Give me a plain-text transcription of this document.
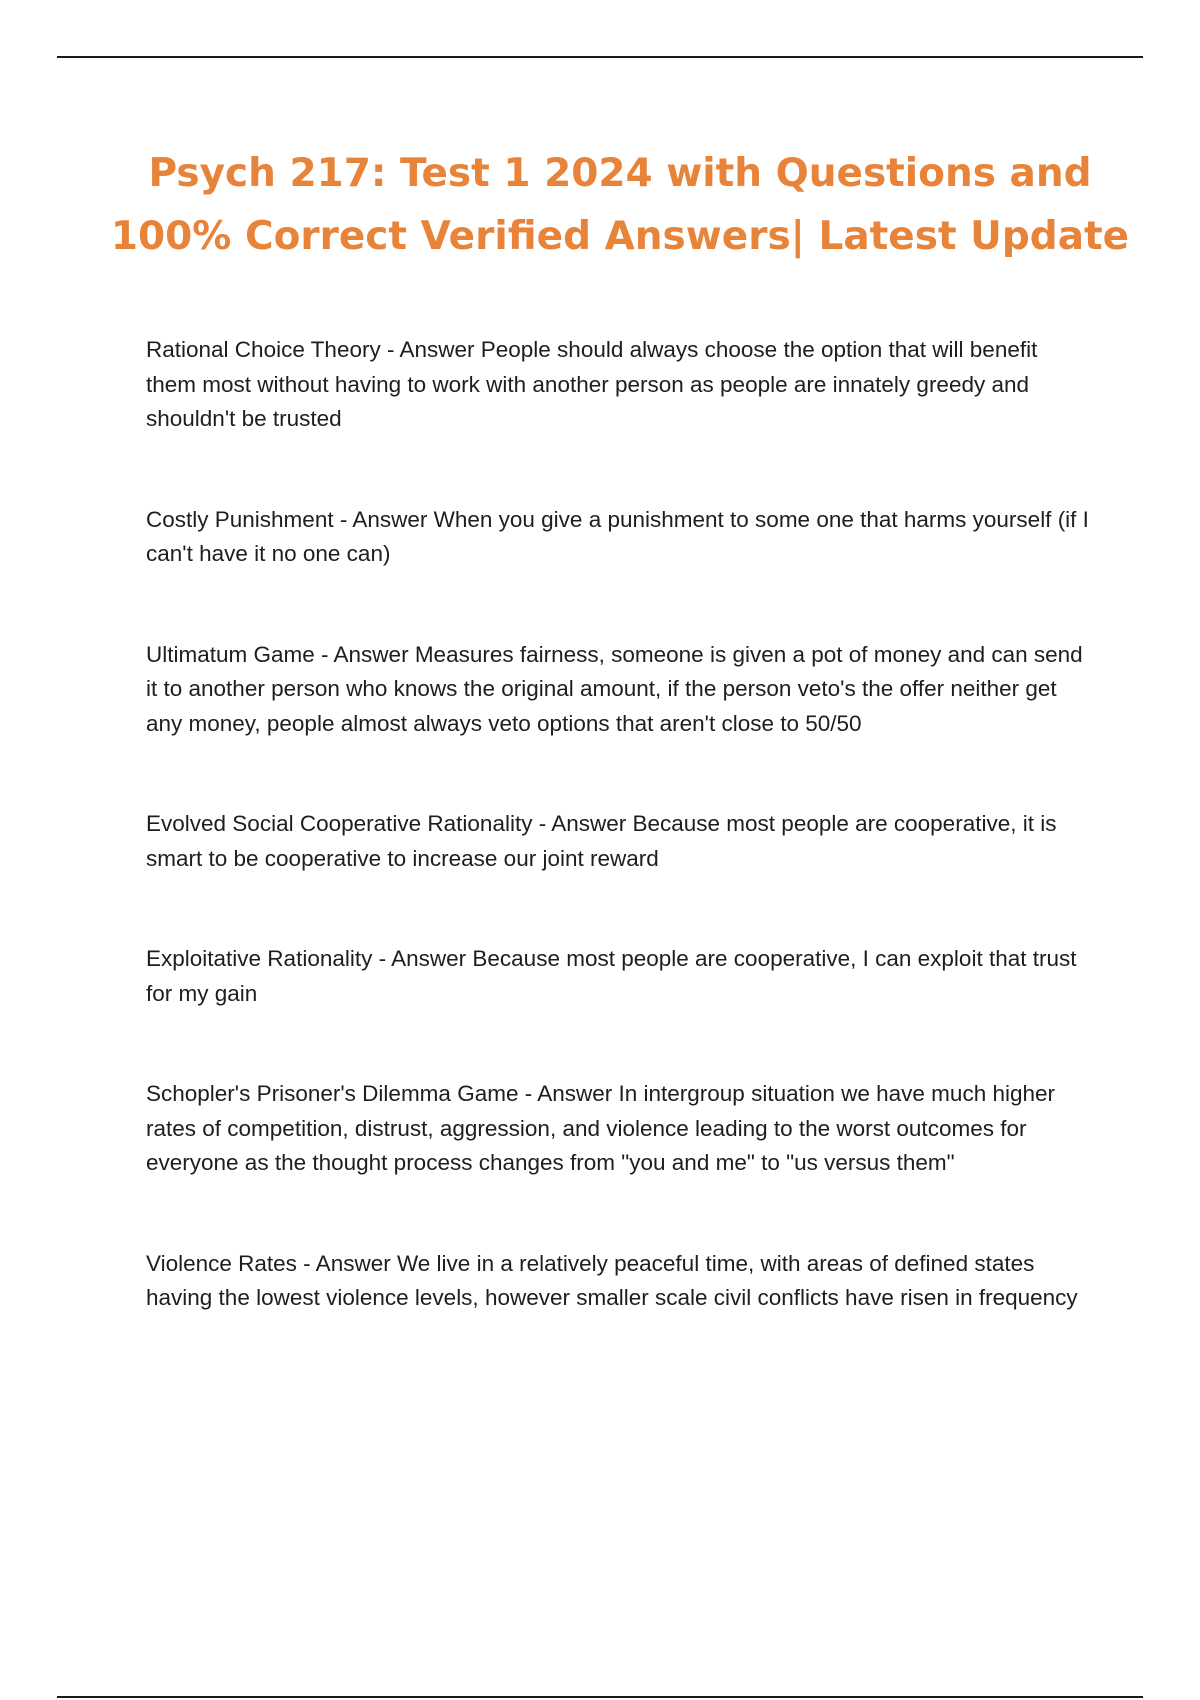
Psych 217: Test 1 2024 with Questions and 100% Correct Verified Answers| Latest Update

Rational Choice Theory - Answer People should always choose the option that will benefit them most without having to work with another person as people are innately greedy and shouldn't be trusted

Costly Punishment - Answer When you give a punishment to some one that harms yourself (if I can't have it no one can)

Ultimatum Game - Answer Measures fairness, someone is given a pot of money and can send it to another person who knows the original amount, if the person veto's the offer neither get any money, people almost always veto options that aren't close to 50/50

Evolved Social Cooperative Rationality - Answer Because most people are cooperative, it is smart to be cooperative to increase our joint reward

Exploitative Rationality - Answer Because most people are cooperative, I can exploit that trust for my gain

Schopler's Prisoner's Dilemma Game - Answer In intergroup situation we have much higher rates of competition, distrust, aggression, and violence leading to the worst outcomes for everyone as the thought process changes from "you and me" to "us versus them"

Violence Rates - Answer We live in a relatively peaceful time, with areas of defined states having the lowest violence levels, however smaller scale civil conflicts have risen in frequency
